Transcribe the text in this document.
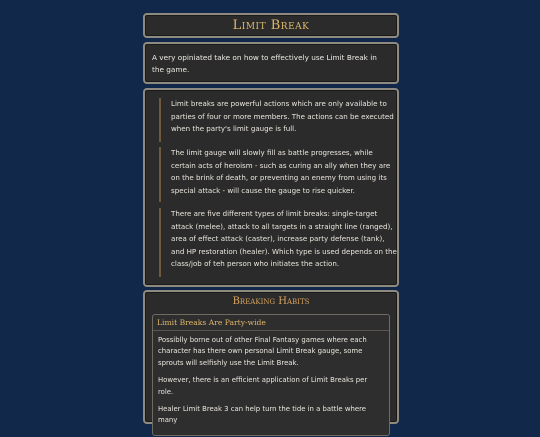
Limit Break

A very opiniated take on how to effectively use Limit Break in the game.

Limit breaks are powerful actions which are only available to parties of four or more members. The actions can be executed when the party's limit gauge is full.

The limit gauge will slowly fill as battle progresses, while certain acts of heroism - such as curing an ally when they are on the brink of death, or preventing an enemy from using its special attack - will cause the gauge to rise quicker.

There are five different types of limit breaks: single-target attack (melee), attack to all targets in a straight line (ranged), area of effect attack (caster), increase party defense (tank), and HP restoration (healer). Which type is used depends on the class/job of teh person who initiates the action.

Breaking Habits
Limit Breaks Are Party-wide

Possiblly borne out of other Final Fantasy games where each character has there own personal Limit Break gauge, some sprouts will selfishly use the Limit Break.

However, there is an efficient application of Limit Breaks per role.

Healer Limit Break 3 can help turn the tide in a battle where many
